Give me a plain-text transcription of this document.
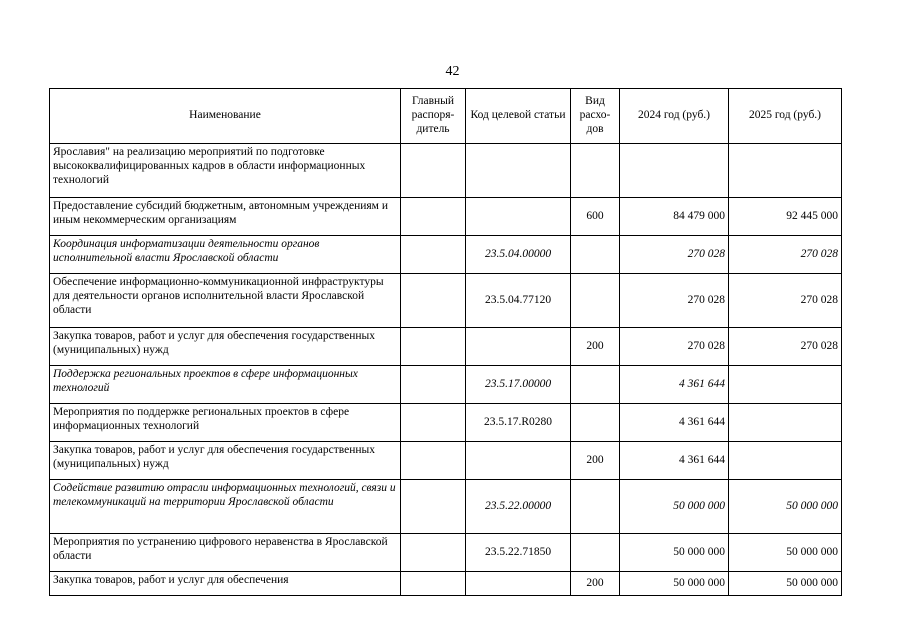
42
Наименование	Главный распоря-дитель	Код целевой статьи	Вид расхо-дов	2024 год (руб.)	2025 год (руб.)
Ярославия" на реализацию мероприятий по подготовке высококвалифицированных кадров в области информационных технологий					
Предоставление субсидий бюджетным, автономным учреждениям и иным некоммерческим организациям			600	84 479 000	92 445 000
Координация информатизации деятельности органов исполнительной власти Ярославской области		23.5.04.00000		270 028	270 028
Обеспечение информационно-коммуникационной инфраструктуры для деятельности органов исполнительной власти Ярославской области		23.5.04.77120		270 028	270 028
Закупка товаров, работ и услуг для обеспечения государственных (муниципальных) нужд			200	270 028	270 028
Поддержка региональных проектов в сфере информационных технологий		23.5.17.00000		4 361 644	
Мероприятия по поддержке региональных проектов в сфере информационных технологий		23.5.17.R0280		4 361 644	
Закупка товаров, работ и услуг для обеспечения государственных (муниципальных) нужд			200	4 361 644	
Содействие развитию отрасли информационных технологий, связи и телекоммуникаций на территории Ярославской области		23.5.22.00000		50 000 000	50 000 000
Мероприятия по устранению цифрового неравенства в Ярославской области		23.5.22.71850		50 000 000	50 000 000
Закупка товаров, работ и услуг для обеспечения			200	50 000 000	50 000 000
